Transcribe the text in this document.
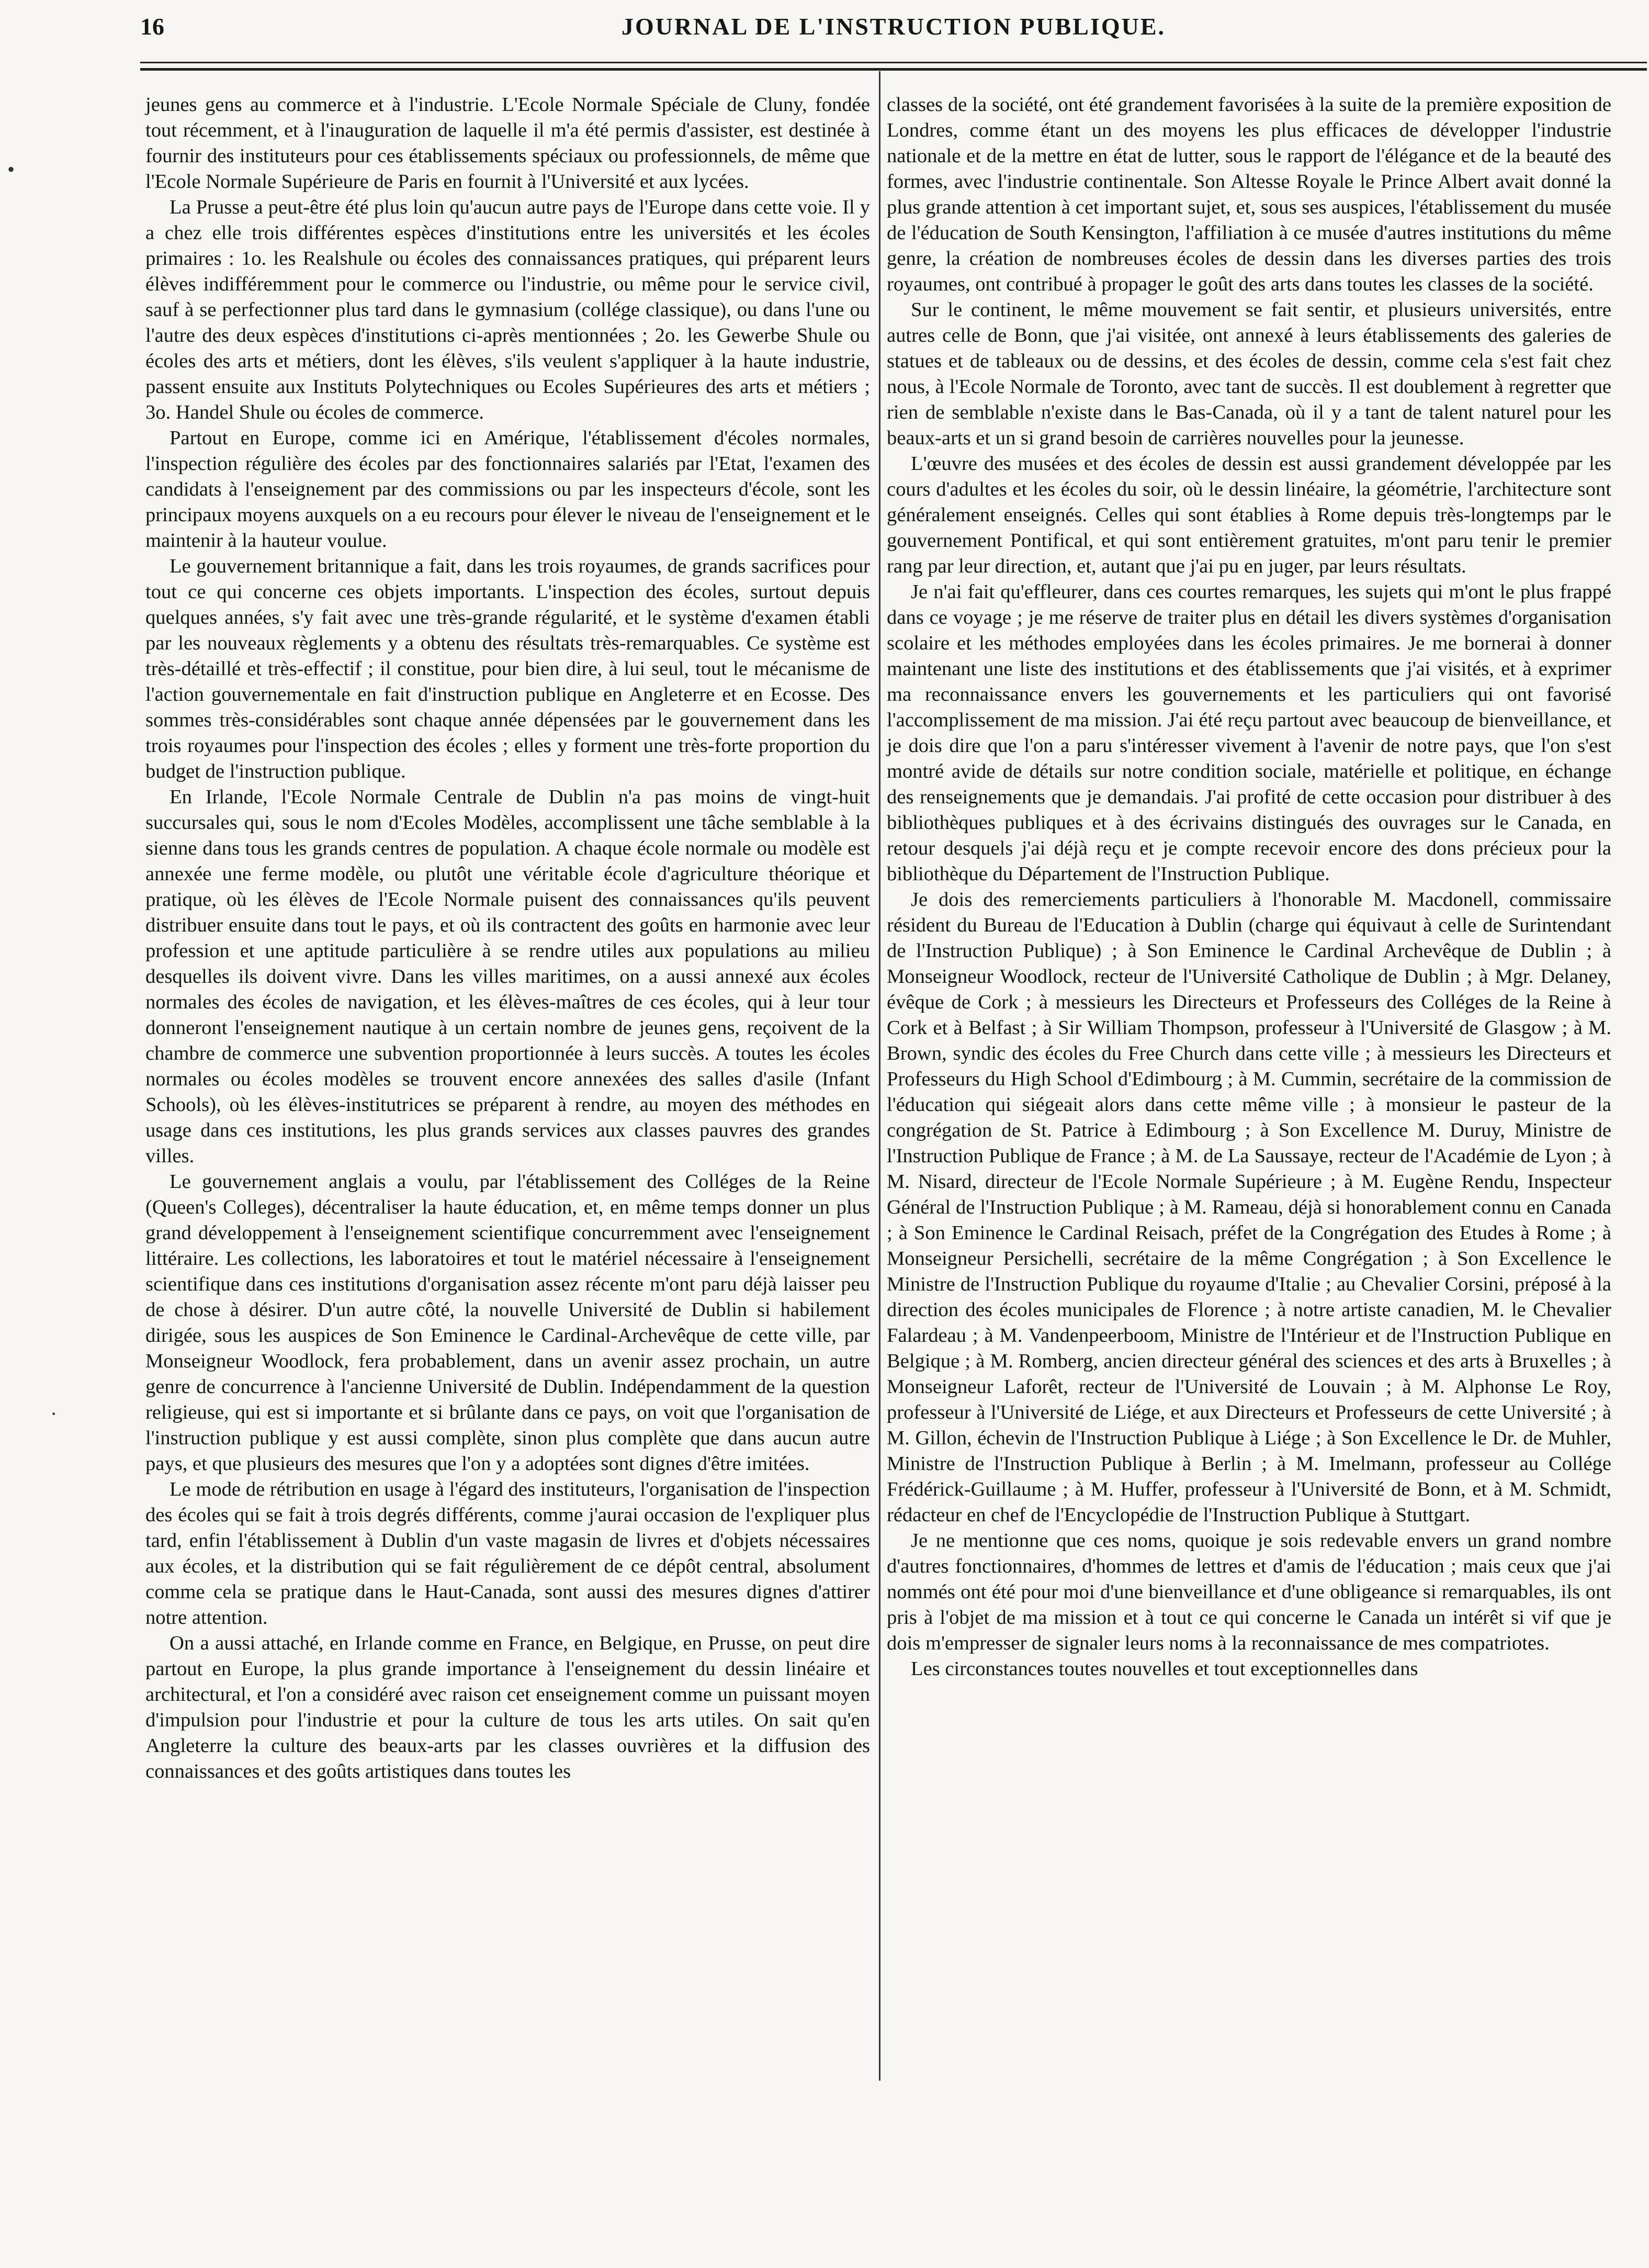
16	JOURNAL DE L'INSTRUCTION PUBLIQUE.
•
·

jeunes gens au commerce et à l'industrie. L'Ecole Normale Spéciale de Cluny, fondée tout récemment, et à l'inauguration de laquelle il m'a été permis d'assister, est destinée à fournir des instituteurs pour ces établissements spéciaux ou professionnels, de même que l'Ecole Normale Supérieure de Paris en fournit à l'Université et aux lycées.

La Prusse a peut-être été plus loin qu'aucun autre pays de l'Europe dans cette voie. Il y a chez elle trois différentes espèces d'institutions entre les universités et les écoles primaires : 1o. les Realshule ou écoles des connaissances pratiques, qui préparent leurs élèves indifféremment pour le commerce ou l'industrie, ou même pour le service civil, sauf à se perfectionner plus tard dans le gymnasium (collége classique), ou dans l'une ou l'autre des deux espèces d'institutions ci-après mentionnées ; 2o. les Gewerbe Shule ou écoles des arts et métiers, dont les élèves, s'ils veulent s'appliquer à la haute industrie, passent ensuite aux Instituts Polytechniques ou Ecoles Supérieures des arts et métiers ; 3o. Handel Shule ou écoles de commerce.

Partout en Europe, comme ici en Amérique, l'établissement d'écoles normales, l'inspection régulière des écoles par des fonctionnaires salariés par l'Etat, l'examen des candidats à l'enseignement par des commissions ou par les inspecteurs d'école, sont les principaux moyens auxquels on a eu recours pour élever le niveau de l'enseignement et le maintenir à la hauteur voulue.

Le gouvernement britannique a fait, dans les trois royaumes, de grands sacrifices pour tout ce qui concerne ces objets importants. L'inspection des écoles, surtout depuis quelques années, s'y fait avec une très-grande régularité, et le système d'examen établi par les nouveaux règlements y a obtenu des résultats très-remarquables. Ce système est très-détaillé et très-effectif ; il constitue, pour bien dire, à lui seul, tout le mécanisme de l'action gouvernementale en fait d'instruction publique en Angleterre et en Ecosse. Des sommes très-considérables sont chaque année dépensées par le gouvernement dans les trois royaumes pour l'inspection des écoles ; elles y forment une très-forte proportion du budget de l'instruction publique.

En Irlande, l'Ecole Normale Centrale de Dublin n'a pas moins de vingt-huit succursales qui, sous le nom d'Ecoles Modèles, accomplissent une tâche semblable à la sienne dans tous les grands centres de population. A chaque école normale ou modèle est annexée une ferme modèle, ou plutôt une véritable école d'agriculture théorique et pratique, où les élèves de l'Ecole Normale puisent des connaissances qu'ils peuvent distribuer ensuite dans tout le pays, et où ils contractent des goûts en harmonie avec leur profession et une aptitude particulière à se rendre utiles aux populations au milieu desquelles ils doivent vivre. Dans les villes maritimes, on a aussi annexé aux écoles normales des écoles de navigation, et les élèves-maîtres de ces écoles, qui à leur tour donneront l'enseignement nautique à un certain nombre de jeunes gens, reçoivent de la chambre de commerce une subvention proportionnée à leurs succès. A toutes les écoles normales ou écoles modèles se trouvent encore annexées des salles d'asile (Infant Schools), où les élèves-institutrices se préparent à rendre, au moyen des méthodes en usage dans ces institutions, les plus grands services aux classes pauvres des grandes villes.

Le gouvernement anglais a voulu, par l'établissement des Colléges de la Reine (Queen's Colleges), décentraliser la haute éducation, et, en même temps donner un plus grand développement à l'enseignement scientifique concurremment avec l'enseignement littéraire. Les collections, les laboratoires et tout le matériel nécessaire à l'enseignement scientifique dans ces institutions d'organisation assez récente m'ont paru déjà laisser peu de chose à désirer. D'un autre côté, la nouvelle Université de Dublin si habilement dirigée, sous les auspices de Son Eminence le Cardinal-Archevêque de cette ville, par Monseigneur Woodlock, fera probablement, dans un avenir assez prochain, un autre genre de concurrence à l'ancienne Université de Dublin. Indépendamment de la question religieuse, qui est si importante et si brûlante dans ce pays, on voit que l'organisation de l'instruction publique y est aussi complète, sinon plus complète que dans aucun autre pays, et que plusieurs des mesures que l'on y a adoptées sont dignes d'être imitées.

Le mode de rétribution en usage à l'égard des instituteurs, l'organisation de l'inspection des écoles qui se fait à trois degrés différents, comme j'aurai occasion de l'expliquer plus tard, enfin l'établissement à Dublin d'un vaste magasin de livres et d'objets nécessaires aux écoles, et la distribution qui se fait régulièrement de ce dépôt central, absolument comme cela se pratique dans le Haut-Canada, sont aussi des mesures dignes d'attirer notre attention.

On a aussi attaché, en Irlande comme en France, en Belgique, en Prusse, on peut dire partout en Europe, la plus grande importance à l'enseignement du dessin linéaire et architectural, et l'on a considéré avec raison cet enseignement comme un puissant moyen d'impulsion pour l'industrie et pour la culture de tous les arts utiles. On sait qu'en Angleterre la culture des beaux-arts par les classes ouvrières et la diffusion des connaissances et des goûts artistiques dans toutes les

classes de la société, ont été grandement favorisées à la suite de la première exposition de Londres, comme étant un des moyens les plus efficaces de développer l'industrie nationale et de la mettre en état de lutter, sous le rapport de l'élégance et de la beauté des formes, avec l'industrie continentale. Son Altesse Royale le Prince Albert avait donné la plus grande attention à cet important sujet, et, sous ses auspices, l'établissement du musée de l'éducation de South Kensington, l'affiliation à ce musée d'autres institutions du même genre, la création de nombreuses écoles de dessin dans les diverses parties des trois royaumes, ont contribué à propager le goût des arts dans toutes les classes de la société.

Sur le continent, le même mouvement se fait sentir, et plusieurs universités, entre autres celle de Bonn, que j'ai visitée, ont annexé à leurs établissements des galeries de statues et de tableaux ou de dessins, et des écoles de dessin, comme cela s'est fait chez nous, à l'Ecole Normale de Toronto, avec tant de succès. Il est doublement à regretter que rien de semblable n'existe dans le Bas-Canada, où il y a tant de talent naturel pour les beaux-arts et un si grand besoin de carrières nouvelles pour la jeunesse.

L'œuvre des musées et des écoles de dessin est aussi grandement développée par les cours d'adultes et les écoles du soir, où le dessin linéaire, la géométrie, l'architecture sont généralement enseignés. Celles qui sont établies à Rome depuis très-longtemps par le gouvernement Pontifical, et qui sont entièrement gratuites, m'ont paru tenir le premier rang par leur direction, et, autant que j'ai pu en juger, par leurs résultats.

Je n'ai fait qu'effleurer, dans ces courtes remarques, les sujets qui m'ont le plus frappé dans ce voyage ; je me réserve de traiter plus en détail les divers systèmes d'organisation scolaire et les méthodes employées dans les écoles primaires. Je me bornerai à donner maintenant une liste des institutions et des établissements que j'ai visités, et à exprimer ma reconnaissance envers les gouvernements et les particuliers qui ont favorisé l'accomplissement de ma mission. J'ai été reçu partout avec beaucoup de bienveillance, et je dois dire que l'on a paru s'intéresser vivement à l'avenir de notre pays, que l'on s'est montré avide de détails sur notre condition sociale, matérielle et politique, en échange des renseignements que je demandais. J'ai profité de cette occasion pour distribuer à des bibliothèques publiques et à des écrivains distingués des ouvrages sur le Canada, en retour desquels j'ai déjà reçu et je compte recevoir encore des dons précieux pour la bibliothèque du Département de l'Instruction Publique.

Je dois des remerciements particuliers à l'honorable M. Macdonell, commissaire résident du Bureau de l'Education à Dublin (charge qui équivaut à celle de Surintendant de l'Instruction Publique) ; à Son Eminence le Cardinal Archevêque de Dublin ; à Monseigneur Woodlock, recteur de l'Université Catholique de Dublin ; à Mgr. Delaney, évêque de Cork ; à messieurs les Directeurs et Professeurs des Colléges de la Reine à Cork et à Belfast ; à Sir William Thompson, professeur à l'Université de Glasgow ; à M. Brown, syndic des écoles du Free Church dans cette ville ; à messieurs les Directeurs et Professeurs du High School d'Edimbourg ; à M. Cummin, secrétaire de la commission de l'éducation qui siégeait alors dans cette même ville ; à monsieur le pasteur de la congrégation de St. Patrice à Edimbourg ; à Son Excellence M. Duruy, Ministre de l'Instruction Publique de France ; à M. de La Saussaye, recteur de l'Académie de Lyon ; à M. Nisard, directeur de l'Ecole Normale Supérieure ; à M. Eugène Rendu, Inspecteur Général de l'Instruction Publique ; à M. Rameau, déjà si honorablement connu en Canada ; à Son Eminence le Cardinal Reisach, préfet de la Congrégation des Etudes à Rome ; à Monseigneur Persichelli, secrétaire de la même Congrégation ; à Son Excellence le Ministre de l'Instruction Publique du royaume d'Italie ; au Chevalier Corsini, préposé à la direction des écoles municipales de Florence ; à notre artiste canadien, M. le Chevalier Falardeau ; à M. Vandenpeerboom, Ministre de l'Intérieur et de l'Instruction Publique en Belgique ; à M. Romberg, ancien directeur général des sciences et des arts à Bruxelles ; à Monseigneur Laforêt, recteur de l'Université de Louvain ; à M. Alphonse Le Roy, professeur à l'Université de Liége, et aux Directeurs et Professeurs de cette Université ; à M. Gillon, échevin de l'Instruction Publique à Liége ; à Son Excellence le Dr. de Muhler, Ministre de l'Instruction Publique à Berlin ; à M. Imelmann, professeur au Collége Frédérick-Guillaume ; à M. Huffer, professeur à l'Université de Bonn, et à M. Schmidt, rédacteur en chef de l'Encyclopédie de l'Instruction Publique à Stuttgart.

Je ne mentionne que ces noms, quoique je sois redevable envers un grand nombre d'autres fonctionnaires, d'hommes de lettres et d'amis de l'éducation ; mais ceux que j'ai nommés ont été pour moi d'une bienveillance et d'une obligeance si remarquables, ils ont pris à l'objet de ma mission et à tout ce qui concerne le Canada un intérêt si vif que je dois m'empresser de signaler leurs noms à la reconnaissance de mes compatriotes.

Les circonstances toutes nouvelles et tout exceptionnelles dans
